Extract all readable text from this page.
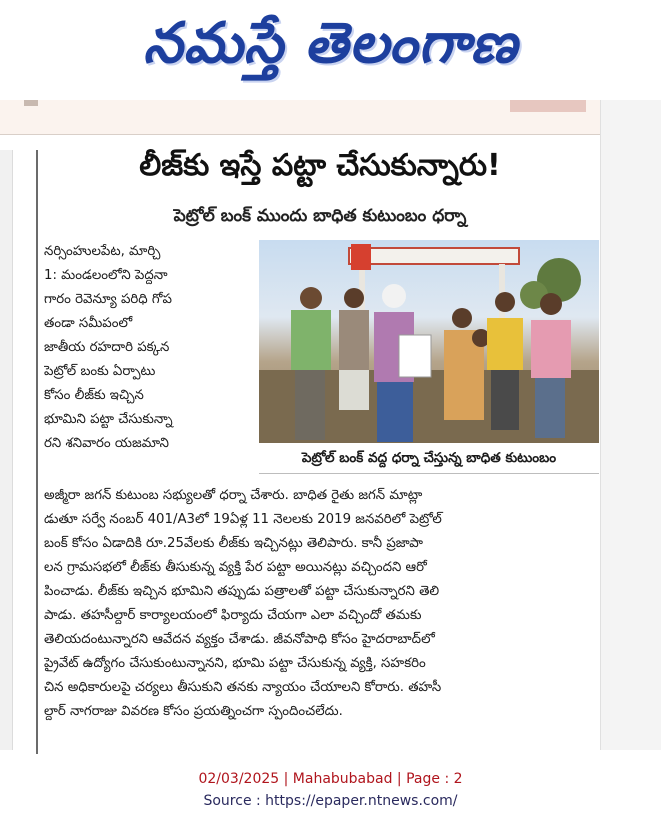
నమస్తే తెలంగాణ
లీజ్‌కు ఇస్తే పట్టా చేసుకున్నారు!
పెట్రోల్ బంక్ ముందు బాధిత కుటుంబం ధర్నా
నర్సింహులపేట, మార్చి
1: మండలంలోని పెద్దనా
గారం రెవెన్యూ పరిధి గోప
తండా సమీపంలో
జాతీయ రహదారి పక్కన
పెట్రోల్ బంకు ఏర్పాటు
కోసం లీజ్‌కు ఇచ్చిన
భూమిని పట్టా చేసుకున్నా
రని శనివారం యజమాని
పెట్రోల్ బంక్ వద్ద ధర్నా చేస్తున్న బాధిత కుటుంబం
అజ్మీరా జగన్ కుటుంబ సభ్యులతో ధర్నా చేశారు. బాధిత రైతు జగన్ మాట్లా
డుతూ సర్వే నంబర్ 401/A3లో 19ఏళ్ల 11 నెలలకు 2019 జనవరిలో పెట్రోల్
బంక్ కోసం ఏడాదికి రూ.25వేలకు లీజ్‌కు ఇచ్చినట్లు తెలిపారు. కానీ ప్రజాపా
లన గ్రామసభలో లీజ్‌కు తీసుకున్న వ్యక్తి పేర పట్టా అయినట్లు వచ్చిందని ఆరో
పించాడు. లీజ్‌కు ఇచ్చిన భూమిని తప్పుడు పత్రాలతో పట్టా చేసుకున్నారని తెలి
పాడు. తహసీల్దార్ కార్యాలయంలో ఫిర్యాదు చేయగా ఎలా వచ్చిందో తమకు
తెలియదంటున్నారని ఆవేదన వ్యక్తం చేశాడు. జీవనోపాధి కోసం హైదరాబాద్‌లో
ప్రైవేట్ ఉద్యోగం చేసుకుంటున్నానని, భూమి పట్టా చేసుకున్న వ్యక్తి, సహకరిం
చిన అధికారులపై చర్యలు తీసుకుని తనకు న్యాయం చేయాలని కోరారు. తహసీ
ల్దార్ నాగరాజు వివరణ కోసం ప్రయత్నించగా స్పందించలేదు.
02/03/2025 | Mahabubabad | Page : 2
Source : https://epaper.ntnews.com/
